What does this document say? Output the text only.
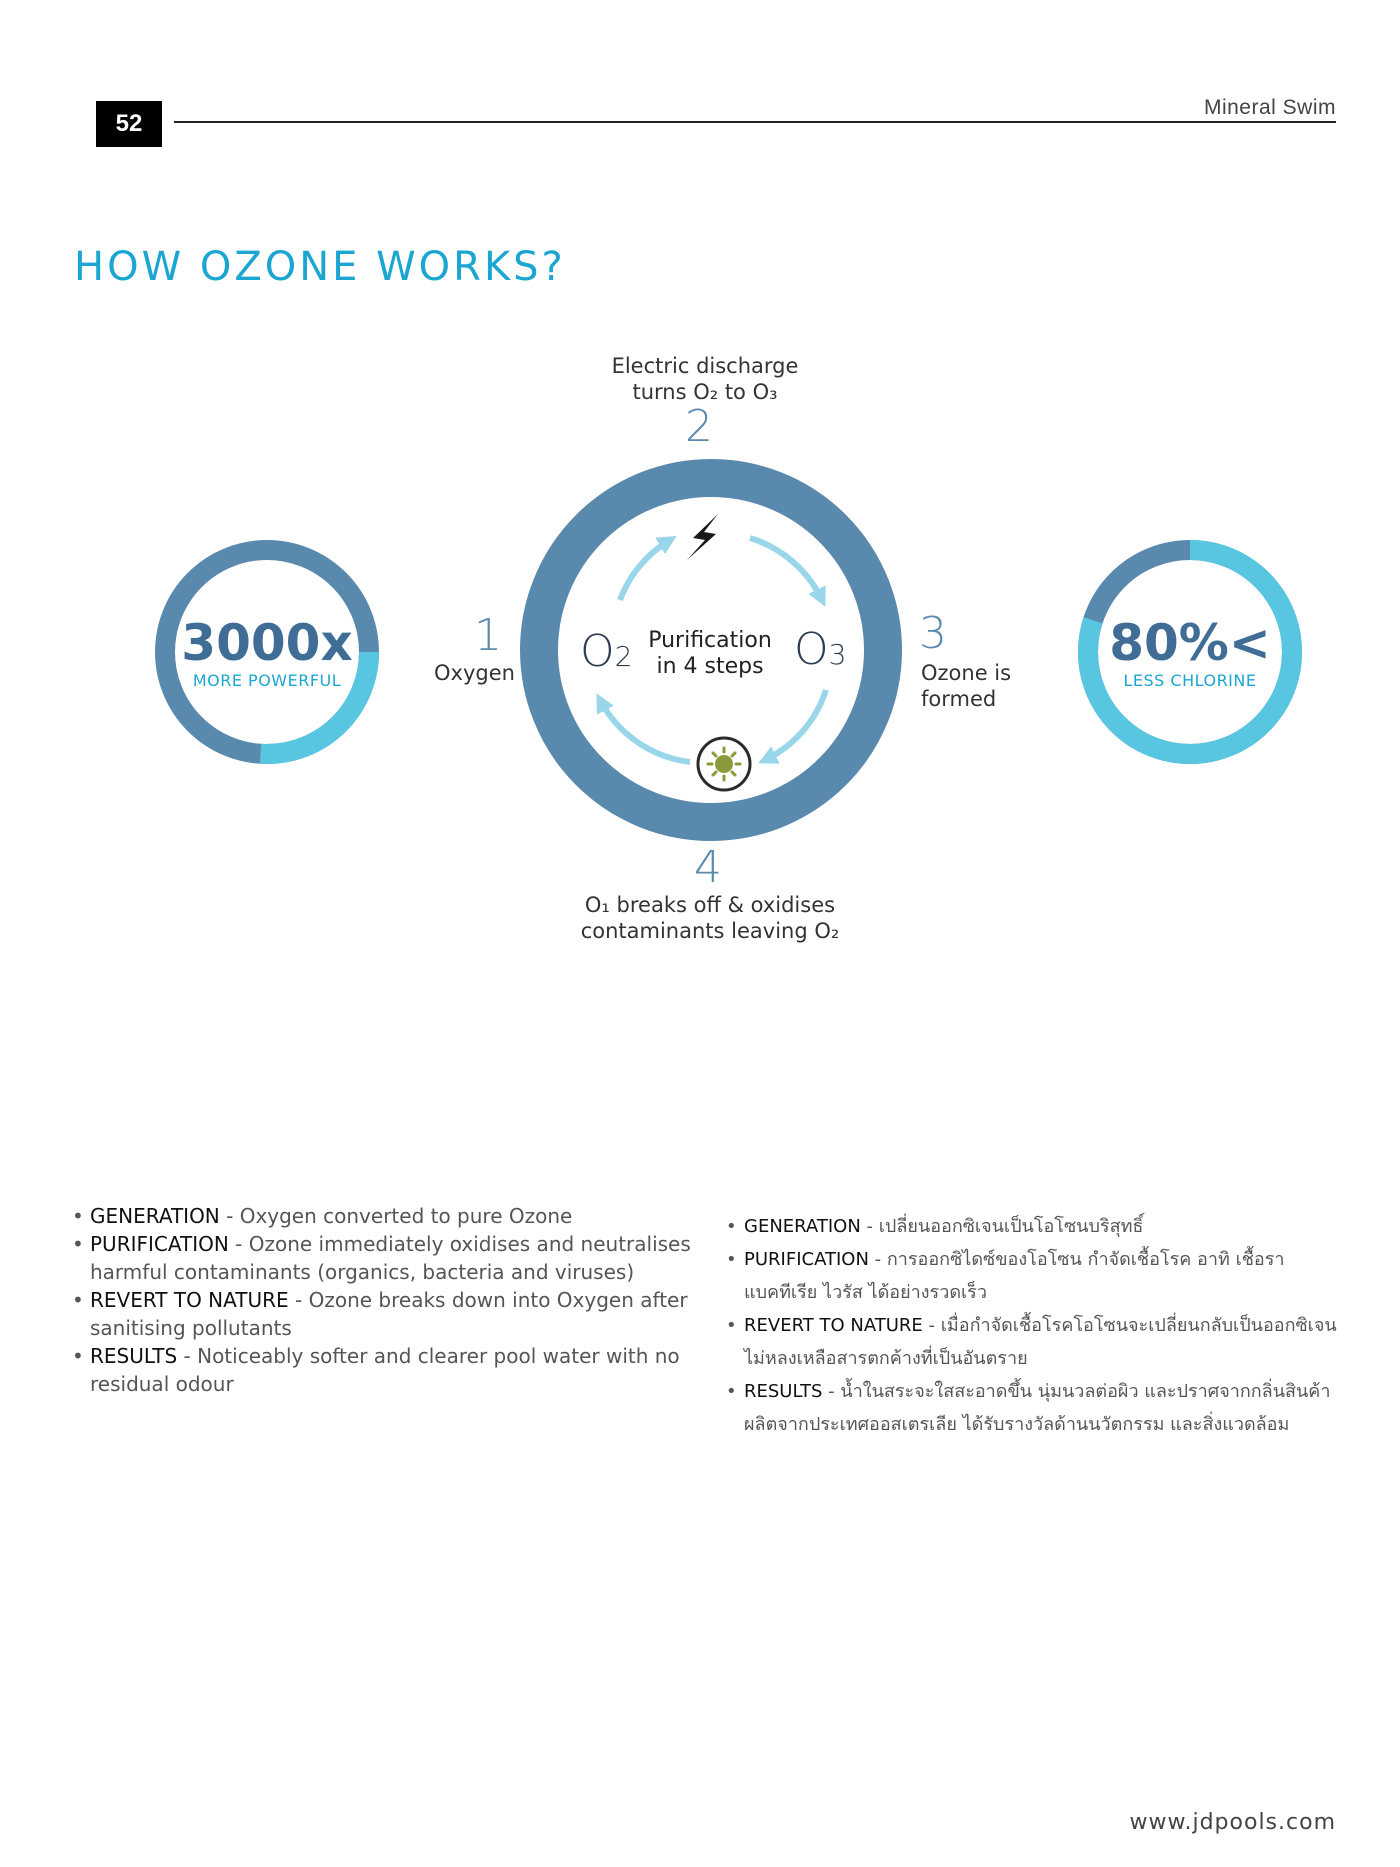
52
Mineral Swim
HOW OZONE WORKS?
O2	O3
Purification
in 4 steps
1
Oxygen
Electric discharge
turns O₂ to O₃
2
3
Ozone is
formed
4
O₁ breaks off & oxidises
contaminants leaving O₂
3000x
MORE POWERFUL
80%<
LESS CHLORINE
• GENERATION - Oxygen converted to pure Ozone
• PURIFICATION - Ozone immediately oxidises and neutralises harmful contaminants (organics, bacteria and viruses)
• REVERT TO NATURE - Ozone breaks down into Oxygen after sanitising pollutants
• RESULTS - Noticeably softer and clearer pool water with no residual odour
• GENERATION - เปลี่ยนออกซิเจนเป็นโอโซนบริสุทธิ์
• PURIFICATION - การออกซิไดซ์ของโอโซน กำจัดเชื้อโรค อาทิ เชื้อรา แบคทีเรีย ไวรัส ได้อย่างรวดเร็ว
• REVERT TO NATURE - เมื่อกำจัดเชื้อโรคโอโซนจะเปลี่ยนกลับเป็นออกซิเจน ไม่หลงเหลือสารตกค้างที่เป็นอันตราย
• RESULTS - น้ำในสระจะใสสะอาดขึ้น นุ่มนวลต่อผิว และปราศจากกลิ่นสินค้าผลิตจากประเทศออสเตรเลีย ได้รับรางวัลด้านนวัตกรรม และสิ่งแวดล้อม
www.jdpools.com
